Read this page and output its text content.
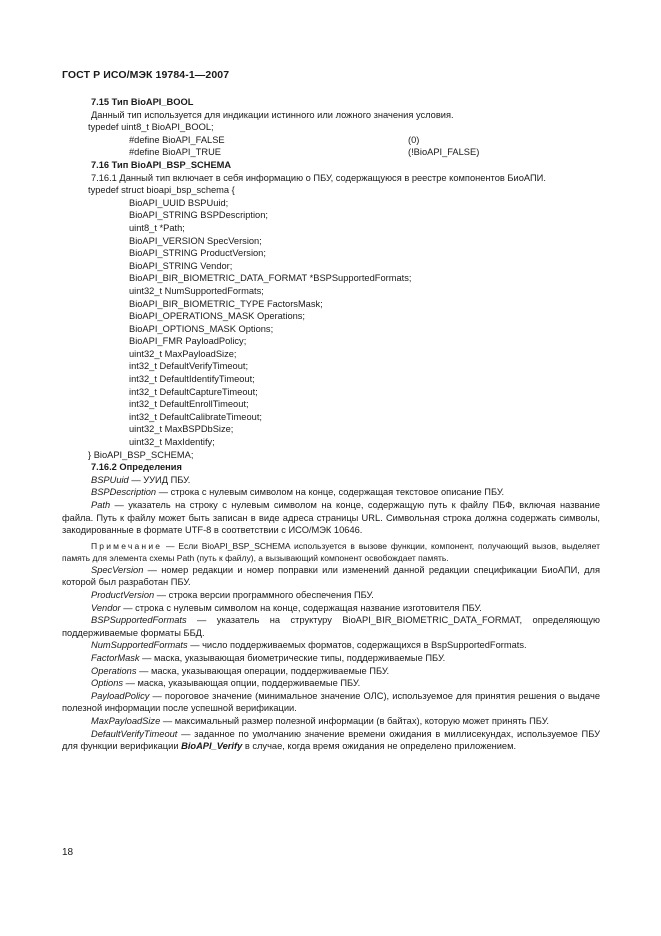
ГОСТ Р ИСО/МЭК 19784-1—2007

7.15 Тип BioAPI_BOOL

Данный тип используется для индикации истинного или ложного значения условия.

typedef uint8_t BioAPI_BOOL;

#define BioAPI_FALSE	(0)
#define BioAPI_TRUE	(!BioAPI_FALSE)

7.16 Тип BioAPI_BSP_SCHEMA

7.16.1 Данный тип включает в себя информацию о ПБУ, содержащуюся в реестре компонентов БиоАПИ.

typedef struct bioapi_bsp_schema {

BioAPI_UUID BSPUuid;

BioAPI_STRING BSPDescription;

uint8_t *Path;

BioAPI_VERSION SpecVersion;

BioAPI_STRING ProductVersion;

BioAPI_STRING Vendor;

BioAPI_BIR_BIOMETRIC_DATA_FORMAT *BSPSupportedFormats;

uint32_t NumSupportedFormats;

BioAPI_BIR_BIOMETRIC_TYPE FactorsMask;

BioAPI_OPERATIONS_MASK Operations;

BioAPI_OPTIONS_MASK Options;

BioAPI_FMR PayloadPolicy;

uint32_t MaxPayloadSize;

int32_t DefaultVerifyTimeout;

int32_t DefaultIdentifyTimeout;

int32_t DefaultCaptureTimeout;

int32_t DefaultEnrollTimeout;

int32_t DefaultCalibrateTimeout;

uint32_t MaxBSPDbSize;

uint32_t MaxIdentify;

} BioAPI_BSP_SCHEMA;

7.16.2 Определения

BSPUuid — УУИД ПБУ.

BSPDescription — строка с нулевым символом на конце, содержащая текстовое описание ПБУ.

Path — указатель на строку с нулевым символом на конце, содержащую путь к файлу ПБФ, включая название файла. Путь к файлу может быть записан в виде адреса страницы URL. Символьная строка должна содержать символы, закодированные в формате UTF-8 в соответствии с ИСО/МЭК 10646.

Примечание — Если BioAPI_BSP_SCHEMA используется в вызове функции, компонент, получающий вызов, выделяет память для элемента схемы Path (путь к файлу), а вызывающий компонент освобождает память.

SpecVersion — номер редакции и номер поправки или изменений данной редакции спецификации БиоАПИ, для которой был разработан ПБУ.

ProductVersion — строка версии программного обеспечения ПБУ.

Vendor — строка с нулевым символом на конце, содержащая название изготовителя ПБУ.

BSPSupportedFormats — указатель на структуру BioAPI_BIR_BIOMETRIC_DATA_FORMAT, определяющую поддерживаемые форматы ББД.

NumSupportedFormats — число поддерживаемых форматов, содержащихся в BspSupportedFormats.

FactorMask — маска, указывающая биометрические типы, поддерживаемые ПБУ.

Operations — маска, указывающая операции, поддерживаемые ПБУ.

Options — маска, указывающая опции, поддерживаемые ПБУ.

PayloadPolicy — пороговое значение (минимальное значение ОЛС), используемое для принятия решения о выдаче полезной информации после успешной верификации.

MaxPayloadSize — максимальный размер полезной информации (в байтах), которую может принять ПБУ.

DefaultVerifyTimeout — заданное по умолчанию значение времени ожидания в миллисекундах, используемое ПБУ для функции верификации BioAPI_Verify в случае, когда время ожидания не определено приложением.

18
